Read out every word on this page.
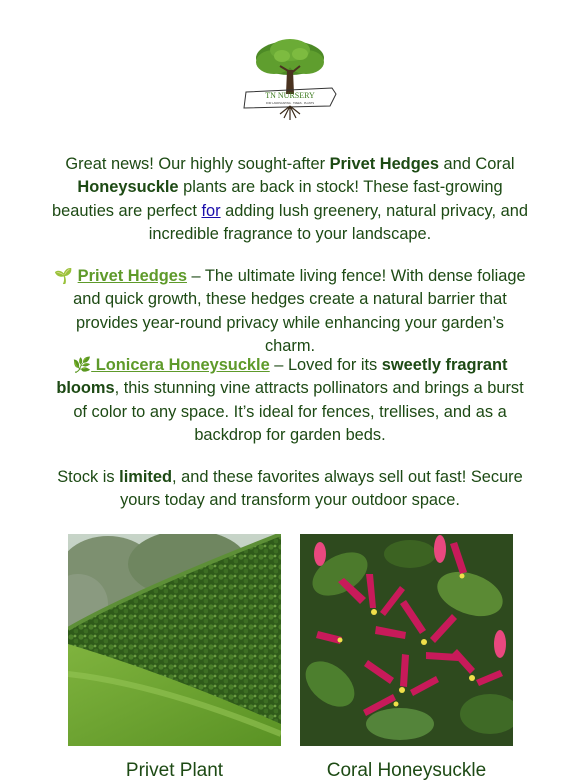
TN NURSERY
FOR LANDSCAPING · TREES · PLANTS
Great news! Our highly sought-after Privet Hedges and Coral Honeysuckle plants are back in stock! These fast-growing beauties are perfect for adding lush greenery, natural privacy, and incredible fragrance to your landscape.
🌱 Privet Hedges – The ultimate living fence! With dense foliage and quick growth, these hedges create a natural barrier that provides year-round privacy while enhancing your garden’s charm.
🌿 Lonicera Honeysuckle – Loved for its sweetly fragrant blooms, this stunning vine attracts pollinators and brings a burst of color to any space. It’s ideal for fences, trellises, and as a backdrop for garden beds.
Stock is limited, and these favorites always sell out fast! Secure yours today and transform your outdoor space.
Privet Plant	Coral Honeysuckle
